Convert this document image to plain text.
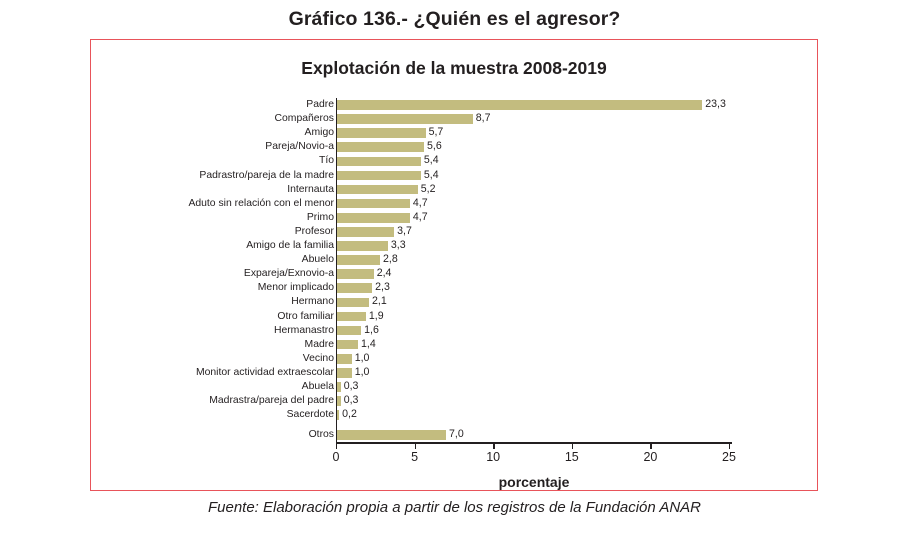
Gráfico 136.- ¿Quién es el agresor?
Explotación de la muestra 2008-2019
Padre	23,3
Compañeros	8,7
Amigo	5,7
Pareja/Novio-a	5,6
Tío	5,4
Padrastro/pareja de la madre	5,4
Internauta	5,2
Aduto sin relación con el menor	4,7
Primo	4,7
Profesor	3,7
Amigo de la familia	3,3
Abuelo	2,8
Expareja/Exnovio-a	2,4
Menor implicado	2,3
Hermano	2,1
Otro familiar	1,9
Hermanastro	1,6
Madre	1,4
Vecino 1,0
Monitor actividad extraescolar 1,0
Abuela 0,3
Madrastra/pareja del padre 0,3
Sacerdote 0,2
Otros	7,0
0	5	10	15	20	25
porcentaje
Fuente: Elaboración propia a partir de los registros de la Fundación ANAR
